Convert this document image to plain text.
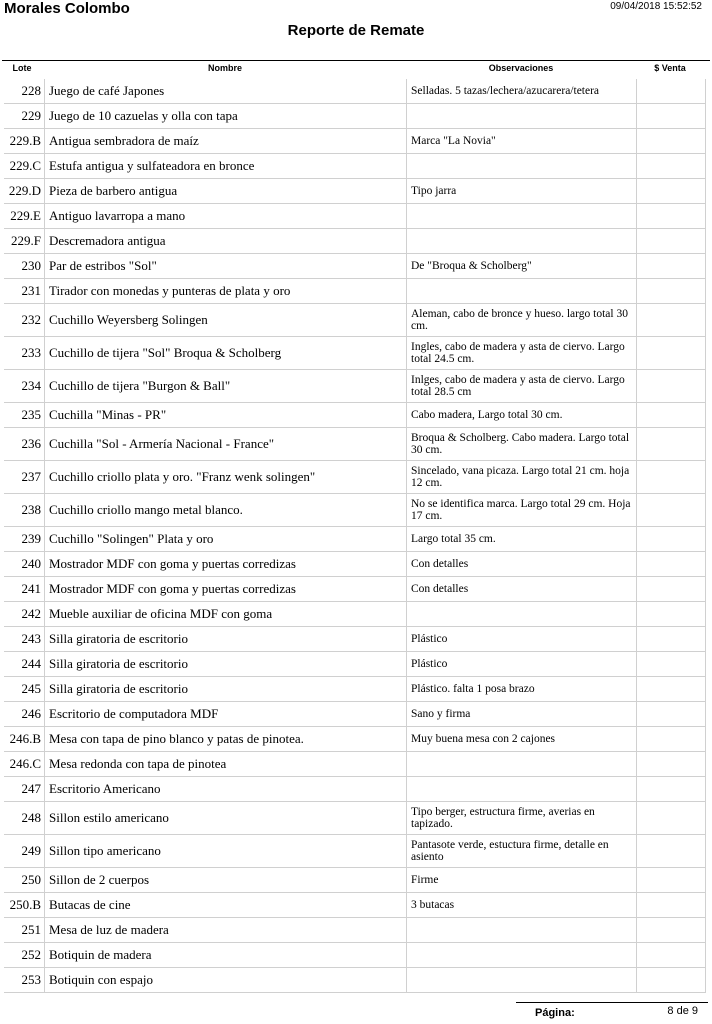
Morales Colombo	09/04/2018 15:52:52
Reporte de Remate
Lote	Nombre	Observaciones	$ Venta
228 Juego de café Japones	Selladas. 5 tazas/lechera/azucarera/tetera
229 Juego de 10 cazuelas y olla con tapa
229.B Antigua sembradora de maíz	Marca "La Novia"
229.C Estufa antigua y sulfateadora en bronce
229.D Pieza de barbero antigua	Tipo jarra
229.E Antiguo lavarropa a mano
229.F Descremadora antigua
230 Par de estribos "Sol"	De "Broqua & Scholberg"
231 Tirador con monedas y punteras de plata y oro
232 Cuchillo Weyersberg Solingen	Aleman, cabo de bronce y hueso. largo total 30 cm.
233 Cuchillo de tijera "Sol" Broqua & Scholberg	Ingles, cabo de madera y asta de ciervo. Largo total 24.5 cm.
234 Cuchillo de tijera "Burgon & Ball"	Inlges, cabo de madera y asta de ciervo. Largo total 28.5 cm
235 Cuchilla "Minas - PR"	Cabo madera, Largo total 30 cm.
236 Cuchilla "Sol - Armería Nacional - France"	Broqua & Scholberg. Cabo madera. Largo total 30 cm.
237 Cuchillo criollo plata y oro. "Franz wenk solingen"	Sincelado, vana picaza. Largo total 21 cm. hoja 12 cm.
238 Cuchillo criollo mango metal blanco.	No se identifica marca. Largo total 29 cm. Hoja 17 cm.
239 Cuchillo "Solingen" Plata y oro	Largo total 35 cm.
240 Mostrador MDF con goma y puertas corredizas	Con detalles
241 Mostrador MDF con goma y puertas corredizas	Con detalles
242 Mueble auxiliar de oficina MDF con goma
243 Silla giratoria de escritorio	Plástico
244 Silla giratoria de escritorio	Plástico
245 Silla giratoria de escritorio	Plástico. falta 1 posa brazo
246 Escritorio de computadora MDF	Sano y firma
246.B Mesa con tapa de pino blanco y patas de pinotea.	Muy buena mesa con 2 cajones
246.C Mesa redonda con tapa de pinotea
247 Escritorio Americano
248 Sillon estilo americano	Tipo berger, estructura firme, averias en tapizado.
249 Sillon tipo americano	Pantasote verde, estuctura firme, detalle en asiento
250 Sillon de 2 cuerpos	Firme
250.B Butacas de cine	3 butacas
251 Mesa de luz de madera
252 Botiquin de madera
253 Botiquin con espajo
Página:	8 de 9
